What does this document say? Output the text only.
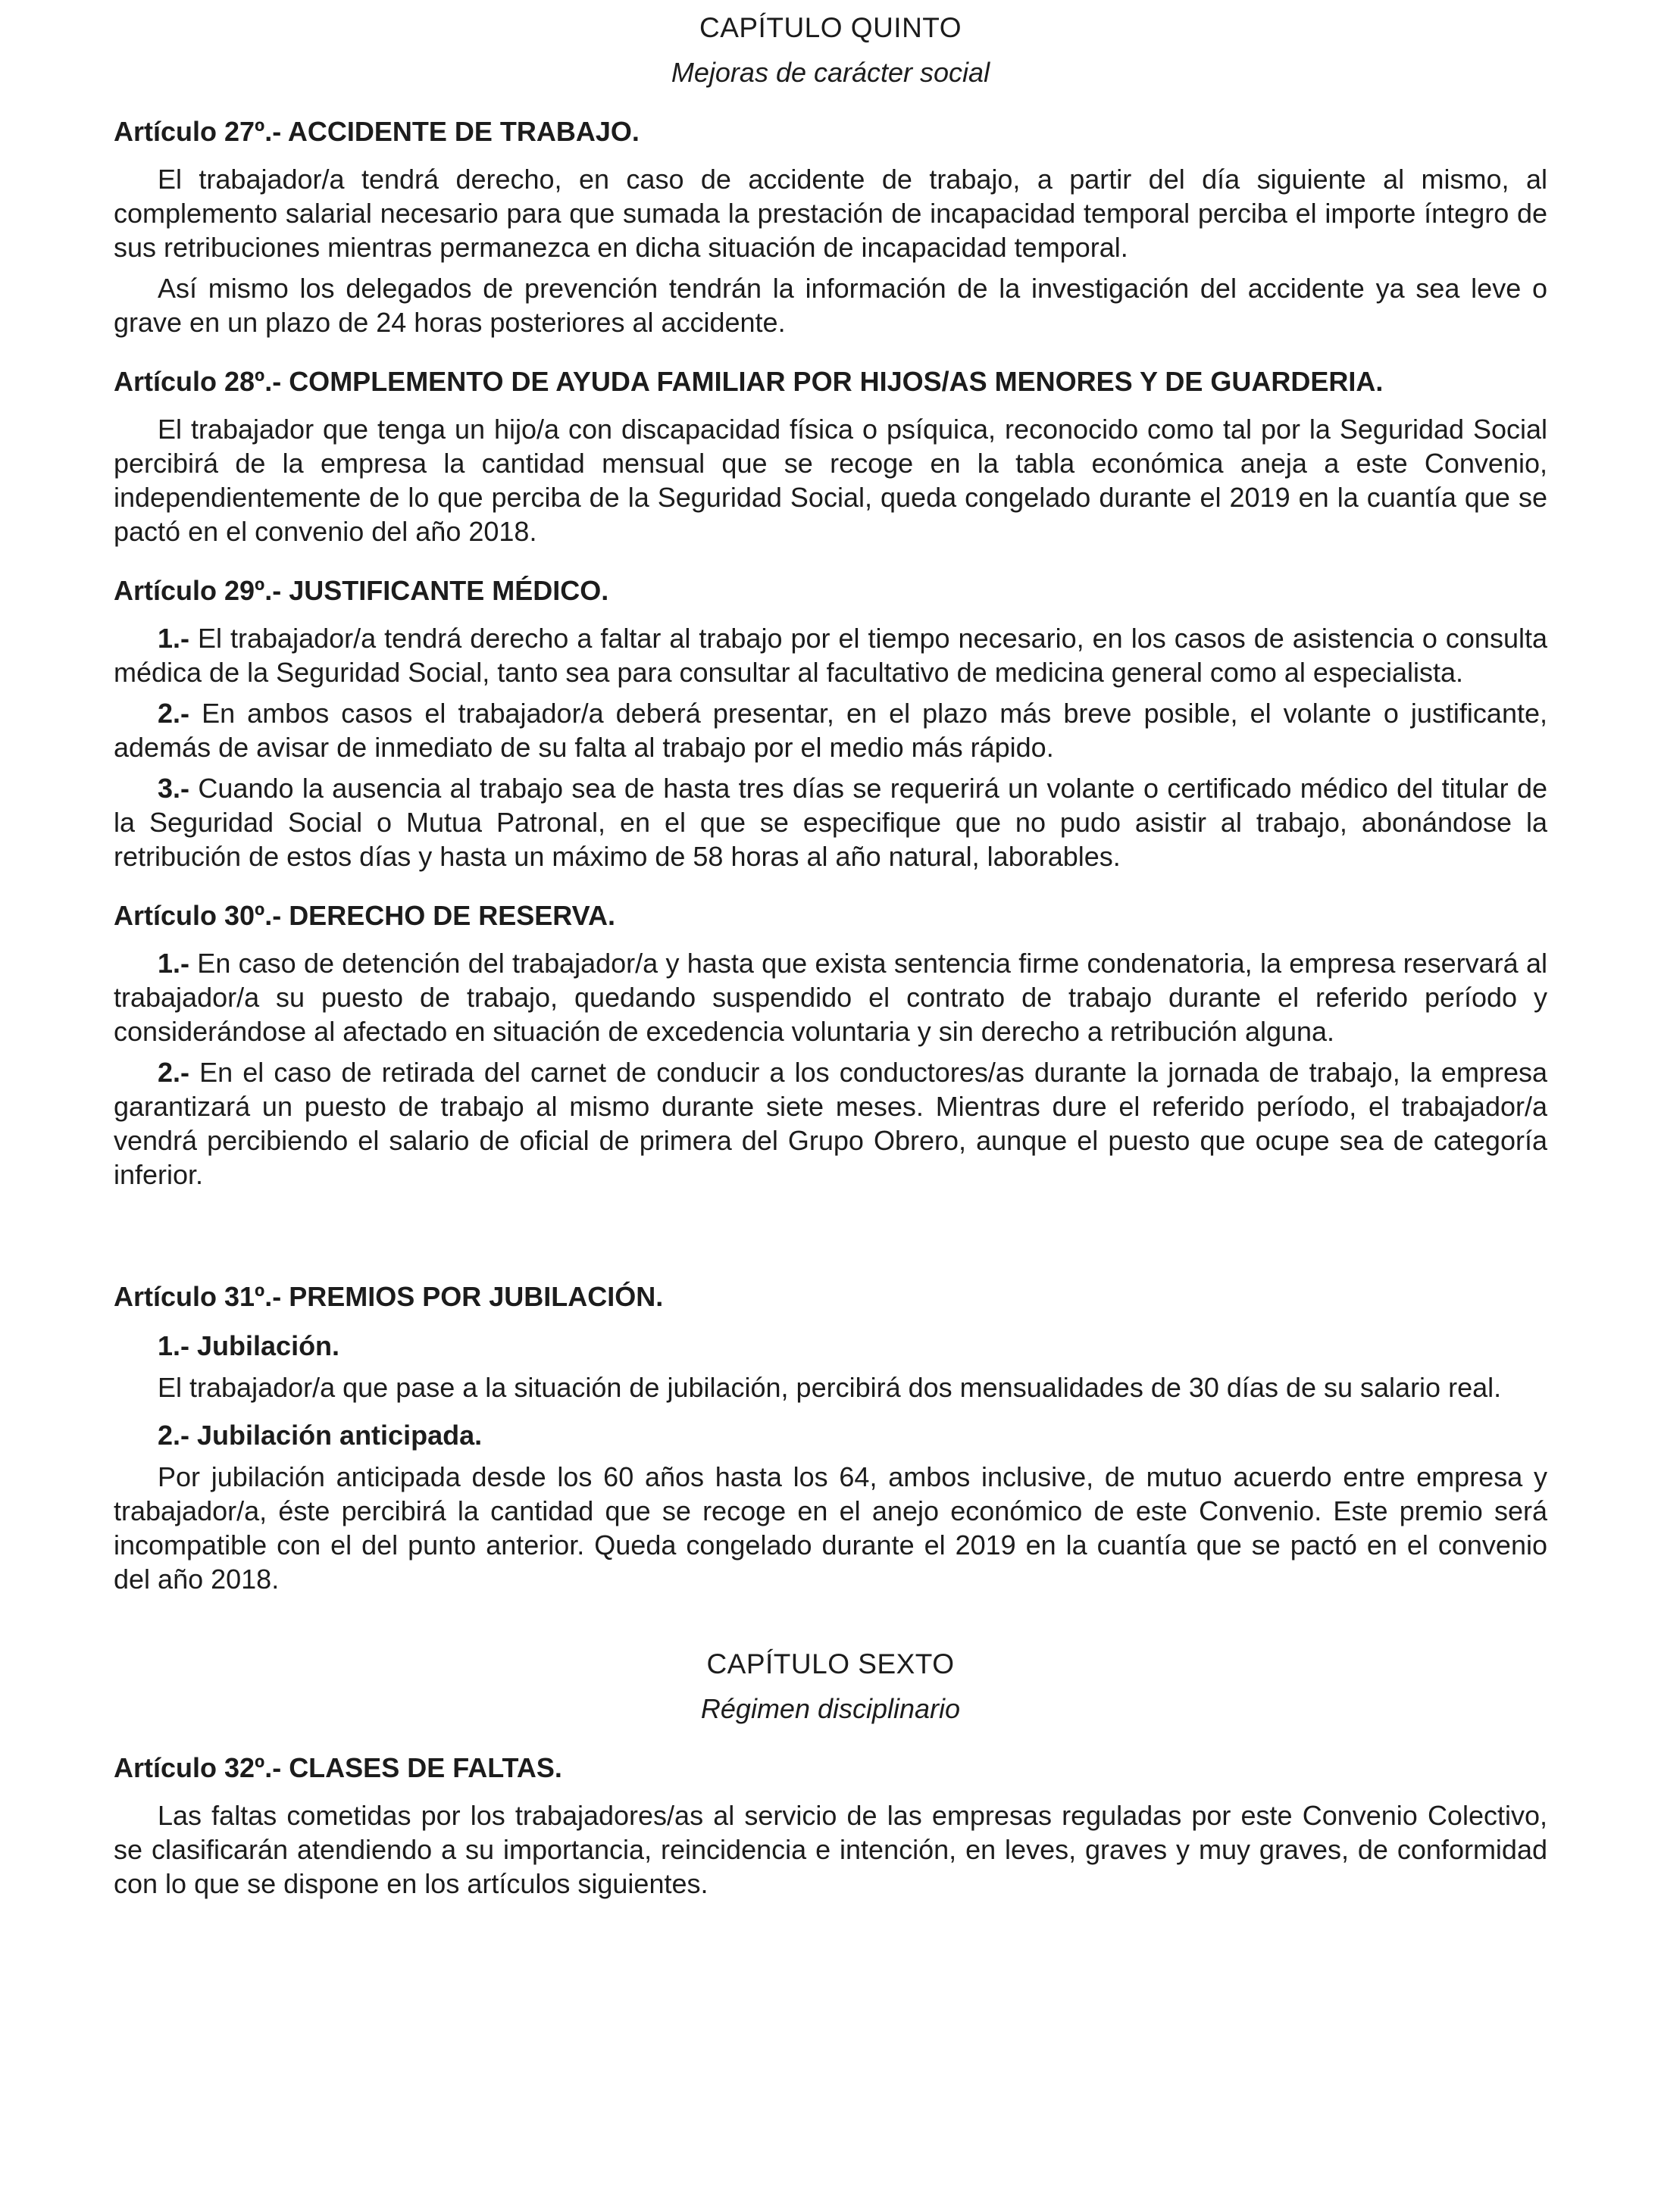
CAPÍTULO QUINTO
Mejoras de carácter social
Artículo 27º.- ACCIDENTE DE TRABAJO.

El trabajador/a tendrá derecho, en caso de accidente de trabajo, a partir del día siguiente al mismo, al complemento salarial necesario para que sumada la prestación de incapacidad temporal perciba el importe íntegro de sus retribuciones mientras permanezca en dicha situación de incapacidad temporal.

Así mismo los delegados de prevención tendrán la información de la investigación del accidente ya sea leve o grave en un plazo de 24 horas posteriores al accidente.

Artículo 28º.- COMPLEMENTO DE AYUDA FAMILIAR POR HIJOS/AS MENORES Y DE GUARDERIA.

El trabajador que tenga un hijo/a con discapacidad física o psíquica, reconocido como tal por la Seguridad Social percibirá de la empresa la cantidad mensual que se recoge en la tabla económica aneja a este Convenio, independientemente de lo que perciba de la Seguridad Social, queda congelado durante el 2019 en la cuantía que se pactó en el convenio del año 2018.

Artículo 29º.- JUSTIFICANTE MÉDICO.

1.- El trabajador/a tendrá derecho a faltar al trabajo por el tiempo necesario, en los casos de asistencia o consulta médica de la Seguridad Social, tanto sea para consultar al facultativo de medicina general como al especialista.

2.- En ambos casos el trabajador/a deberá presentar, en el plazo más breve posible, el volante o justificante, además de avisar de inmediato de su falta al trabajo por el medio más rápido.

3.- Cuando la ausencia al trabajo sea de hasta tres días se requerirá un volante o certificado médico del titular de la Seguridad Social o Mutua Patronal, en el que se especifique que no pudo asistir al trabajo, abonándose la retribución de estos días y hasta un máximo de 58 horas al año natural, laborables.

Artículo 30º.- DERECHO DE RESERVA.

1.- En caso de detención del trabajador/a y hasta que exista sentencia firme condenatoria, la empresa reservará al trabajador/a su puesto de trabajo, quedando suspendido el contrato de trabajo durante el referido período y considerándose al afectado en situación de excedencia voluntaria y sin derecho a retribución alguna.

2.- En el caso de retirada del carnet de conducir a los conductores/as durante la jornada de trabajo, la empresa garantizará un puesto de trabajo al mismo durante siete meses. Mientras dure el referido período, el trabajador/a vendrá percibiendo el salario de oficial de primera del Grupo Obrero, aunque el puesto que ocupe sea de categoría inferior.

Artículo 31º.- PREMIOS POR JUBILACIÓN.
1.- Jubilación.

El trabajador/a que pase a la situación de jubilación, percibirá dos mensualidades de 30 días de su salario real.

2.- Jubilación anticipada.

Por jubilación anticipada desde los 60 años hasta los 64, ambos inclusive, de mutuo acuerdo entre empresa y trabajador/a, éste percibirá la cantidad que se recoge en el anejo económico de este Convenio. Este premio será incompatible con el del punto anterior. Queda congelado durante el 2019 en la cuantía que se pactó en el convenio del año 2018.

CAPÍTULO SEXTO
Régimen disciplinario
Artículo 32º.- CLASES DE FALTAS.

Las faltas cometidas por los trabajadores/as al servicio de las empresas reguladas por este Convenio Colectivo, se clasificarán atendiendo a su importancia, reincidencia e intención, en leves, graves y muy graves, de conformidad con lo que se dispone en los artículos siguientes.
